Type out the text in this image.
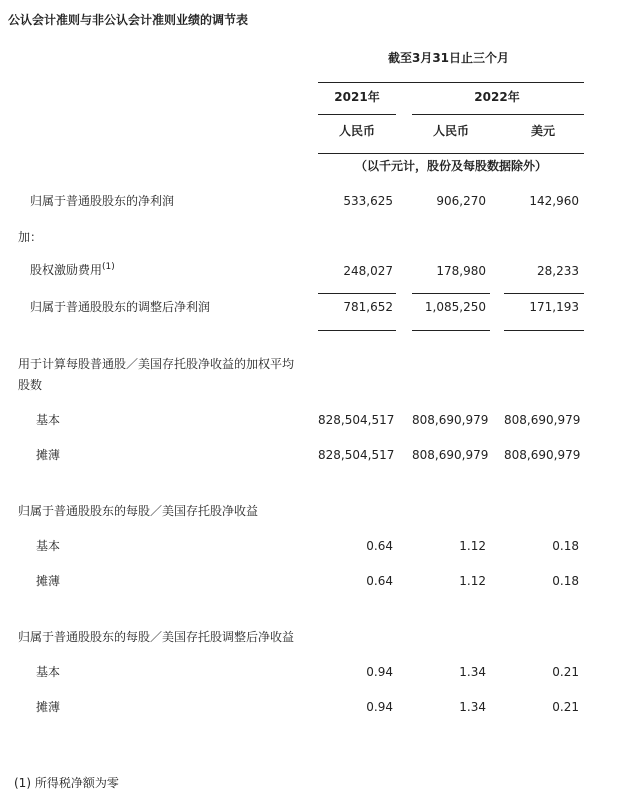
公认会计准则与非公认会计准则业绩的调节表
截至3月31日止三个月
2021年	2022年
人民币	人民币	美元
（以千元计，股份及每股数据除外）
归属于普通股股东的净利润	533,625	906,270	142,960
加：
股权激励费用$^{(1)}$	248,027	178,980	28,233
归属于普通股股东的调整后净利润	781,652	1,085,250	171,193
用于计算每股普通股／美国存托股净收益的加权平均
股数
基本	828,504,517 808,690,979 808,690,979
摊薄	828,504,517 808,690,979 808,690,979
归属于普通股股东的每股／美国存托股净收益
基本	0.64	1.12	0.18
摊薄	0.64	1.12	0.18
归属于普通股股东的每股／美国存托股调整后净收益
基本	0.94	1.34	0.21
摊薄	0.94	1.34	0.21
(1) 所得税净额为零
